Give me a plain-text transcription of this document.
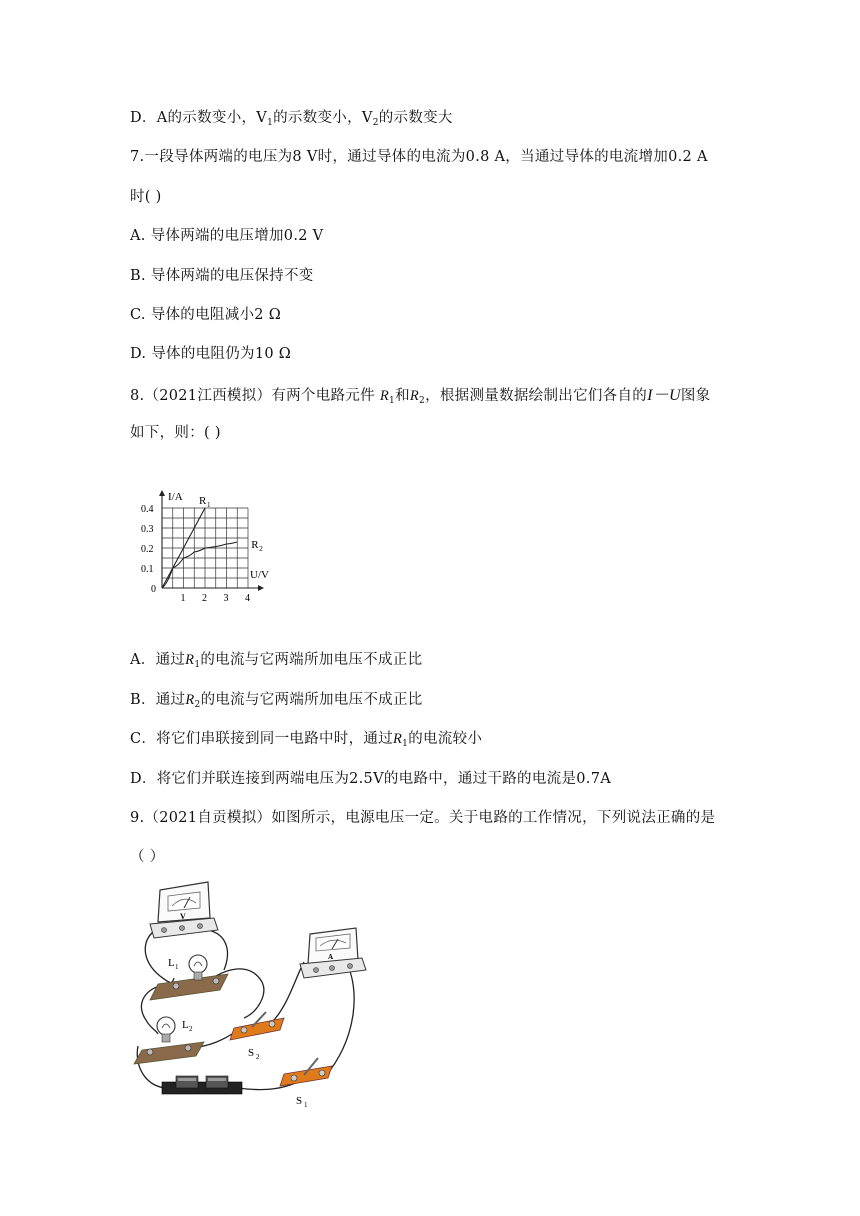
D．A的示数变小，$V_1$的示数变小，$V_2$的示数变大
7.一段导体两端的电压为8 V时，通过导体的电流为0.8 A，当通过导体的电流增加0.2 A
时( )
A. 导体两端的电压增加0.2 V
B. 导体两端的电压保持不变
C. 导体的电阻减小2 Ω
D. 导体的电阻仍为10 Ω
8.（2021江西模拟）有两个电路元件 $R_1$和$R_2$，根据测量数据绘制出它们各自的I－U图象
如下，则：( )
I/A
U/V
1 2 3 4
0.1
0.2
0.3
0.4
0
R 1
R 2
A．通过$R_1$的电流与它两端所加电压不成正比
B．通过$R_2$的电流与它两端所加电压不成正比
C．将它们串联接到同一电路中时，通过$R_1$的电流较小
D．将它们并联连接到两端电压为2.5V的电路中，通过干路的电流是0.7A
9.（2021自贡模拟）如图所示，电源电压一定。关于电路的工作情况，下列说法正确的是
（ ）
V
L 1
L 2
A
S 2
S 1
